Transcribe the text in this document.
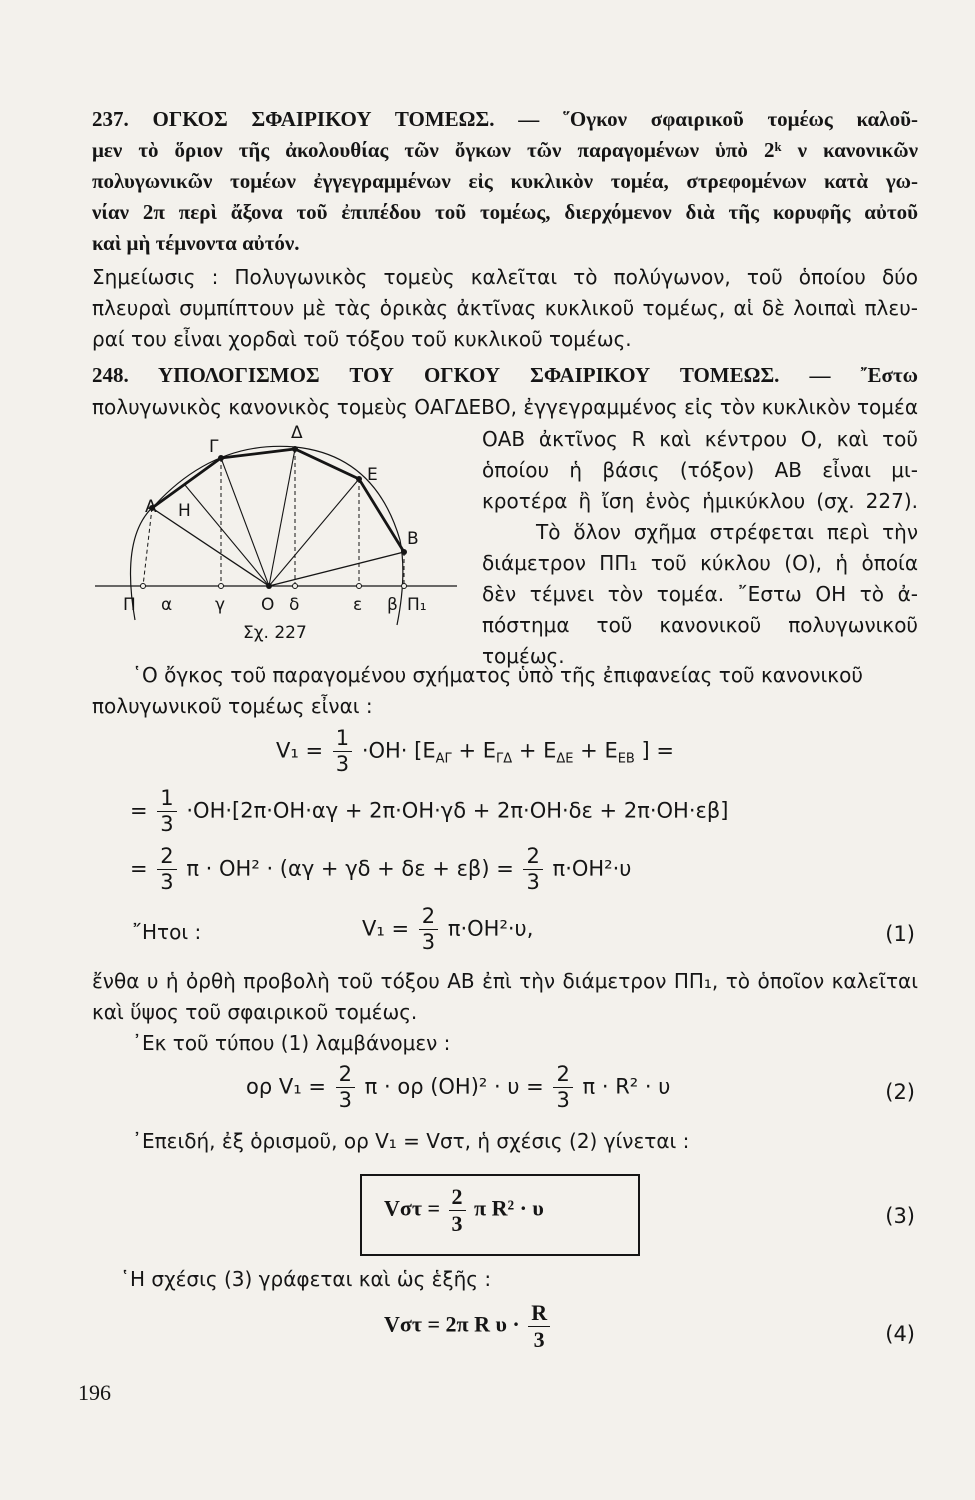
237. ΟΓΚΟΣ ΣΦΑΙΡΙΚΟΥ ΤΟΜΕΩΣ. — ῞Ογκον σφαιρικοῦ τομέως καλοῦ-
μεν τὸ ὅριον τῆς ἀκολουθίας τῶν ὄγκων τῶν παραγομένων ὑπὸ 2ᵏ ν κανονικῶν
πολυγωνικῶν τομέων ἐγγεγραμμένων εἰς κυκλικὸν τομέα, στρεφομένων κατὰ γω-
νίαν 2π περὶ ἄξονα τοῦ ἐπιπέδου τοῦ τομέως, διερχόμενον διὰ τῆς κορυφῆς αὐτοῦ
καὶ μὴ τέμνοντα αὐτόν.
Σημείωσις : Πολυγωνικὸς τομεὺς καλεῖται τὸ πολύγωνον, τοῦ ὁποίου δύο
πλευραὶ συμπίπτουν μὲ τὰς ὁρικὰς ἀκτῖνας κυκλικοῦ τομέως, αἱ δὲ λοιπαὶ πλευ-
ραί του εἶναι χορδαὶ τοῦ τόξου τοῦ κυκλικοῦ τομέως.
248. ΥΠΟΛΟΓΙΣΜΟΣ ΤΟΥ ΟΓΚΟΥ ΣΦΑΙΡΙΚΟΥ ΤΟΜΕΩΣ. — ῎Εστω
πολυγωνικὸς κανονικὸς τομεὺς ΟΑΓΔΕΒΟ, ἐγγεγραμμένος εἰς τὸν κυκλικὸν τομέα
ΟΑΒ ἀκτῖνος R καὶ κέντρου Ο, καὶ τοῦ
ὁποίου ἡ βάσις (τόξον) ΑΒ εἶναι μι-
κροτέρα ἢ ἴση ἑνὸς ἡμικύκλου (σχ. 227).
Τὸ ὅλον σχῆμα στρέφεται περὶ τὴν
διάμετρον ΠΠ₁ τοῦ κύκλου (Ο), ἡ ὁποία
δὲν τέμνει τὸν τομέα. ῎Εστω ΟΗ τὸ ἀ-
πόστημα τοῦ κανονικοῦ πολυγωνικοῦ
τομέως.
Α Η
Γ
Δ
Ε
Β
Π α	γ Ο δ	ε β Π₁
Σχ. 227
῾Ο ὄγκος τοῦ παραγομένου σχήματος ὑπὸ τῆς ἐπιφανείας τοῦ κανονικοῦ
πολυγωνικοῦ τομέως εἶναι :
$V_1 = \frac{1}{3} \cdot OH\cdot [E_{A\Gamma} + E_{\Gamma\Delta} + E_{\Delta E} + E_{EB}$ ] =
= $\frac{1}{3} \cdot OH\cdot[2\pi\cdot OH\cdot\alpha\gamma + 2\pi\cdot OH\cdot\gamma\delta + 2\pi\cdot OH\cdot\delta\varepsilon + 2\pi\cdot OH\cdot\varepsilon\beta]$
= $\frac{2}{3}$ $\pi \cdot OH^2 \cdot (\alpha\gamma + \gamma\delta + \delta\varepsilon + \varepsilon\beta) = \frac{2}{3} \pi\cdot OH^2\cdot\upsilon$
῎Ητοι :	$V_1 = \frac{2}{3} \pi\cdot OH^2\cdot\upsilon$,	(1)
ἔνθα υ ἡ ὀρθὴ προβολὴ τοῦ τόξου ΑΒ ἐπὶ τὴν διάμετρον ΠΠ₁, τὸ ὁποῖον καλεῖται
καὶ ὕψος τοῦ σφαιρικοῦ τομέως.
᾿Εκ τοῦ τύπου (1) λαμβάνομεν :
ορ $V_1 = \frac{2}{3}$ π · ορ $(OH)^2 \cdot \upsilon = \frac{2}{3}$ π · R² · υ	(2)
᾿Επειδή, ἐξ ὁρισμοῦ, ορ V₁ = Vστ, ἡ σχέσις (2) γίνεται :
$V\sigma\tau = \frac{2}{3}$ π R² · υ	(3)
῾Η σχέσις (3) γράφεται καὶ ὡς ἑξῆς :
Vστ = 2π R $\upsilon \cdot \frac{R}{3}$	(4)
196
